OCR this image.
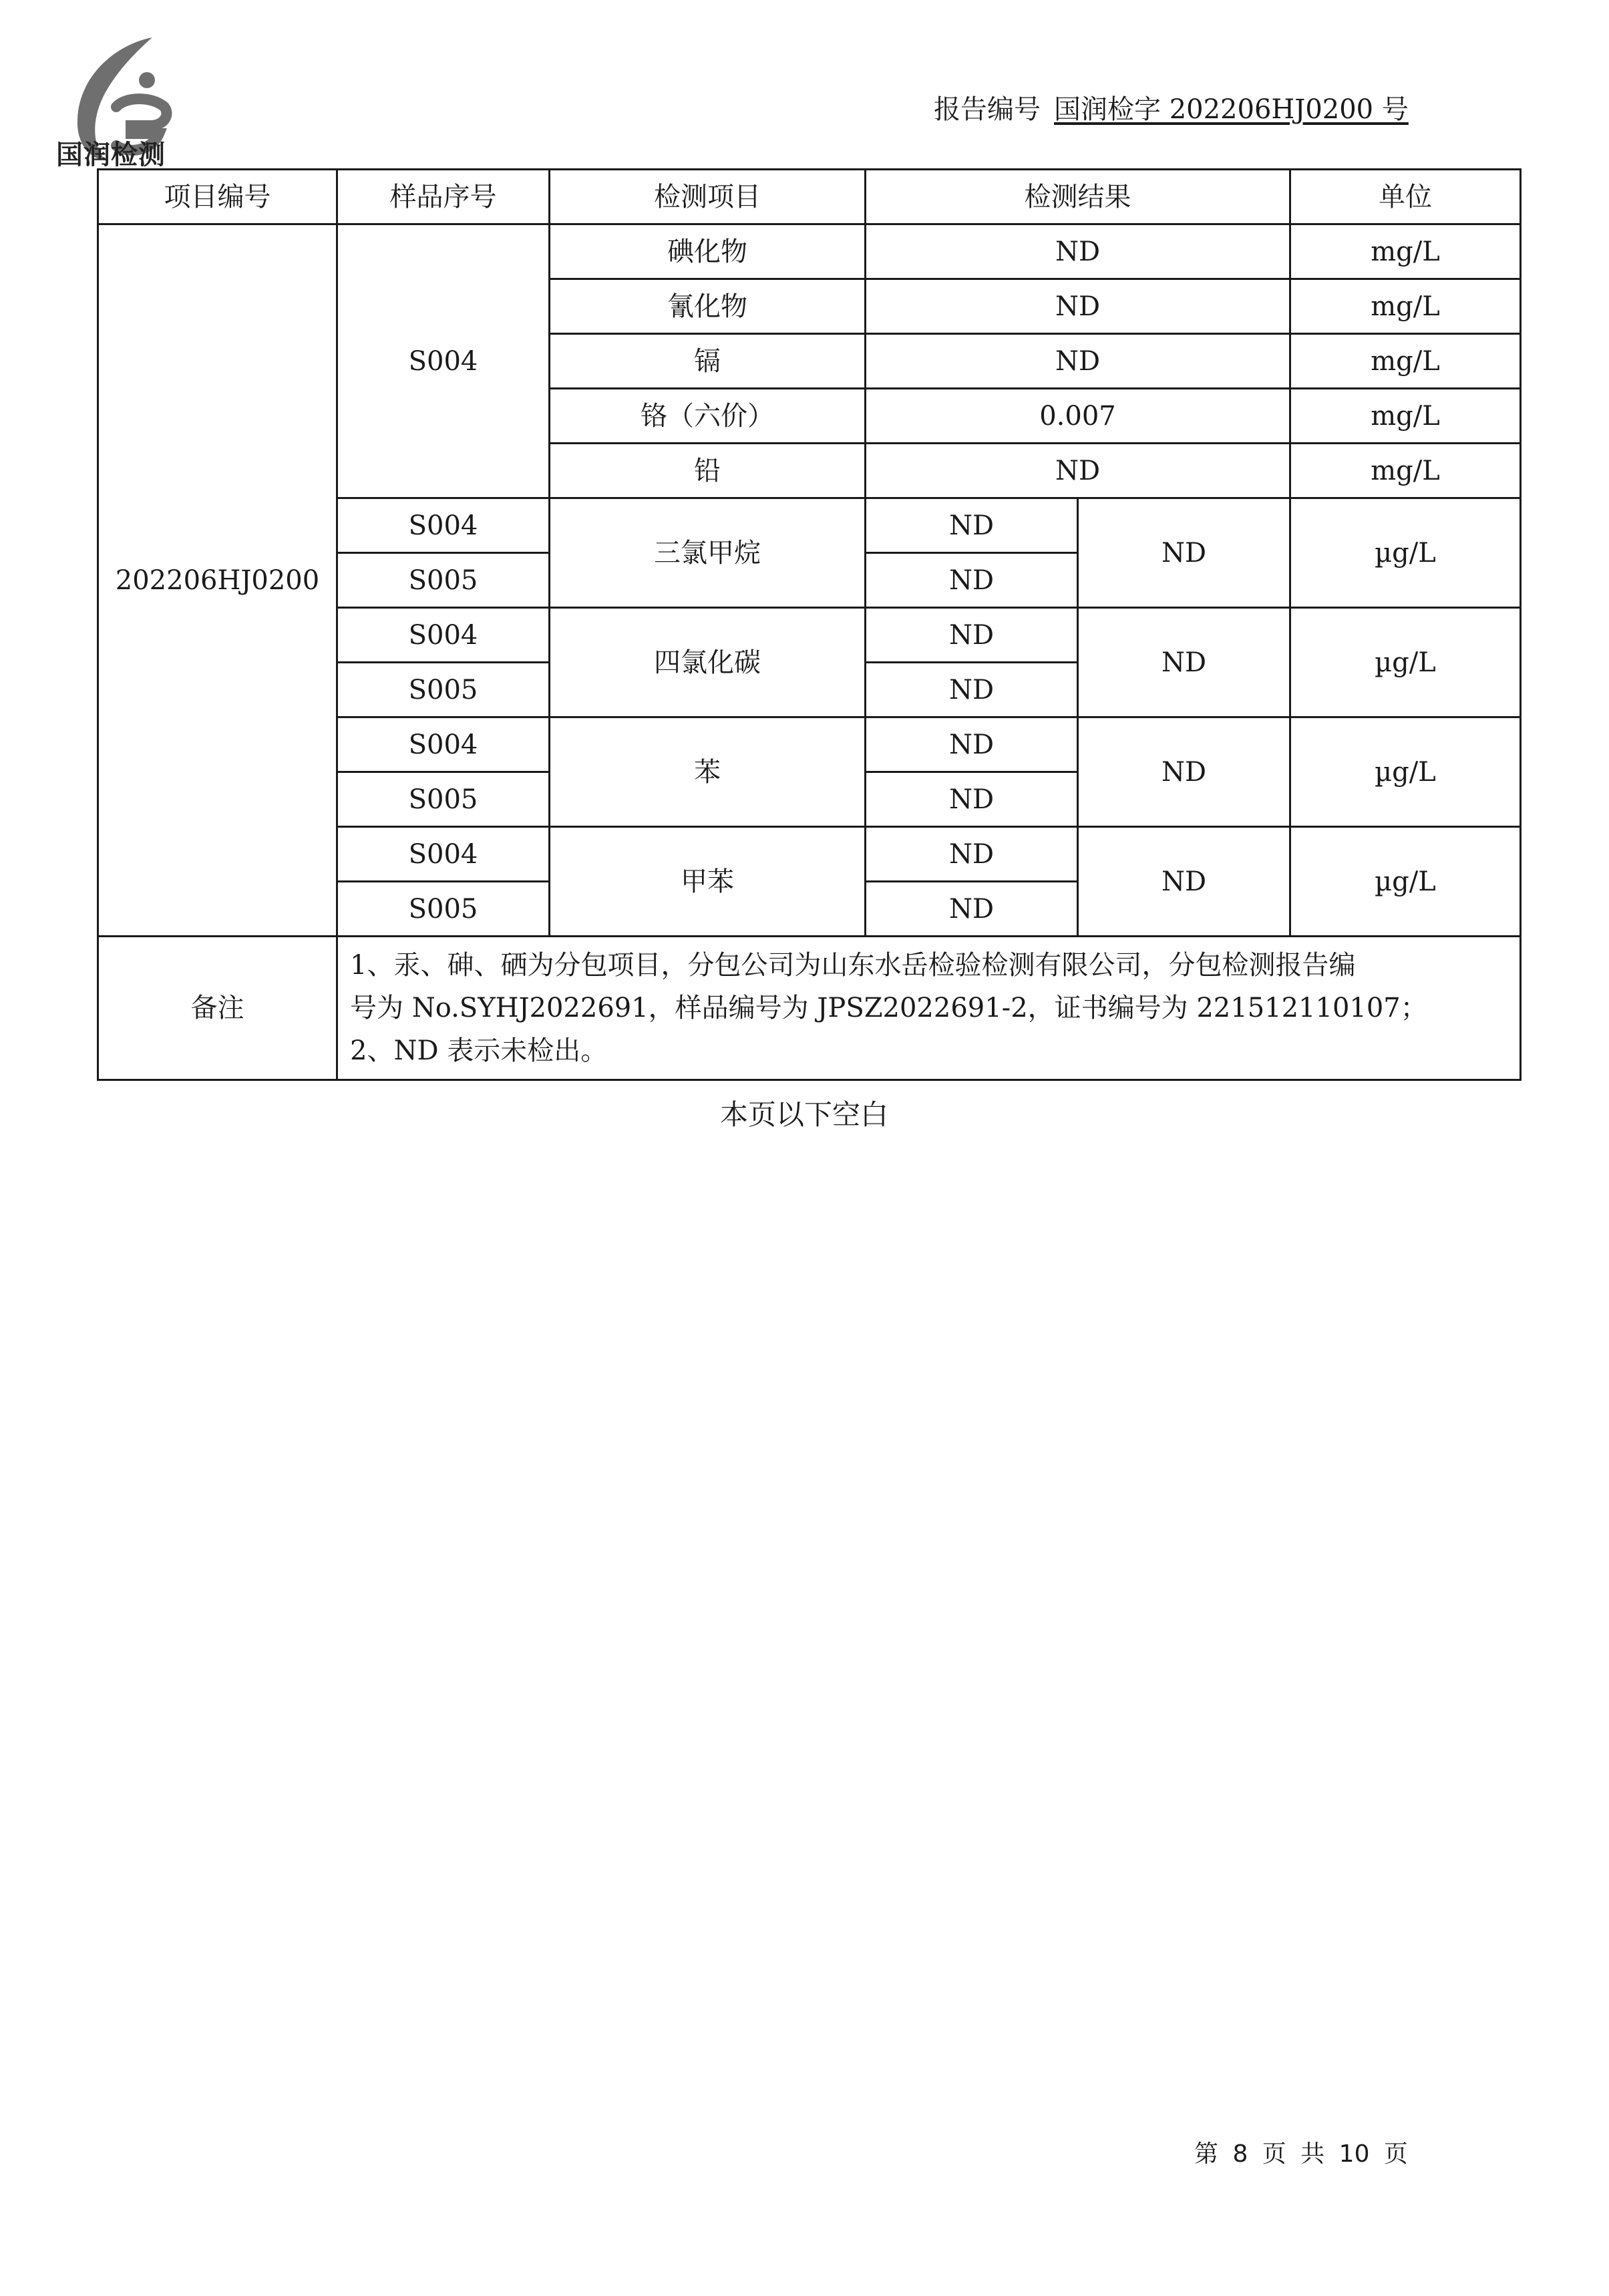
国润检测
报告编号 国润检字 202206HJ0200 号
项目编号	样品序号	检测项目	检测结果		单位
202206HJ0200	S004	碘化物	ND		mg/L
		氰化物	ND		mg/L
		镉	ND		mg/L
		铬（六价）	0.007		mg/L
		铅	ND		mg/L
	S004	三氯甲烷	ND	ND	µg/L
	S005		ND		
	S004	四氯化碳	ND	ND	µg/L
	S005		ND		
	S004	苯	ND	ND	µg/L
	S005		ND		
	S004	甲苯	ND	ND	µg/L
	S005		ND		
备注	1、汞、砷、硒为分包项目，分包公司为山东水岳检验检测有限公司，分包检测报告编
号为 No.SYHJ2022691，样品编号为 JPSZ2022691-2，证书编号为 221512110107；
2、ND 表示未检出。				
本页以下空白
第 8 页 共 10 页
